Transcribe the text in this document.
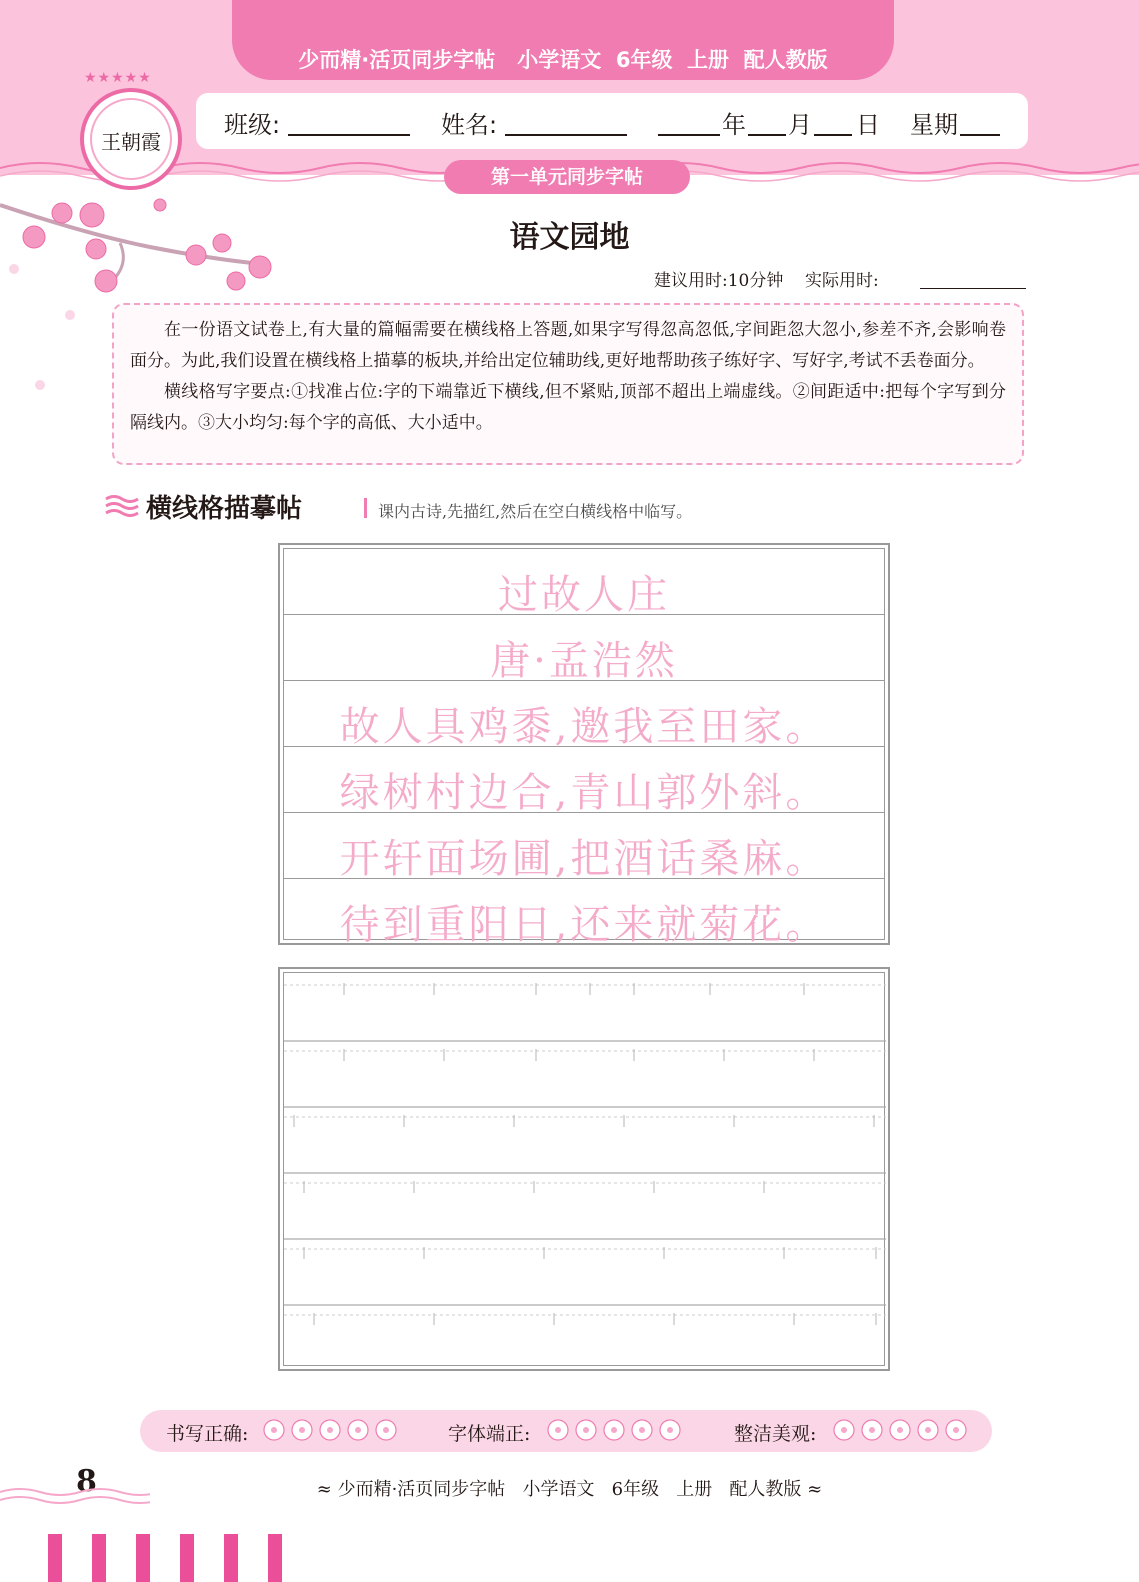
少而精·活页同步字帖   小学语文  6年级  上册  配人教版
班级:	姓名:	年 月 日 星期
★★★★★
王朝霞
第一单元同步字帖
语文园地
建议用时:10分钟 实际用时:

在一份语文试卷上,有大量的篇幅需要在横线格上答题,如果字写得忽高忽低,字间距忽大忽小,参差不齐,会影响卷面分。为此,我们设置在横线格上描摹的板块,并给出定位辅助线,更好地帮助孩子练好字、写好字,考试不丢卷面分。

横线格写字要点:①找准占位:字的下端靠近下横线,但不紧贴,顶部不超出上端虚线。②间距适中:把每个字写到分隔线内。③大小均匀:每个字的高低、大小适中。

横线格描摹帖	课内古诗,先描红,然后在空白横线格中临写。
过故人庄
唐·孟浩然
故人具鸡黍,邀我至田家。
绿树村边合,青山郭外斜。
开轩面场圃,把酒话桑麻。
待到重阳日,还来就菊花。
书写正确:	字体端正:	整洁美观:
8	≈ 少而精·活页同步字帖   小学语文   6年级   上册   配人教版 ≈
